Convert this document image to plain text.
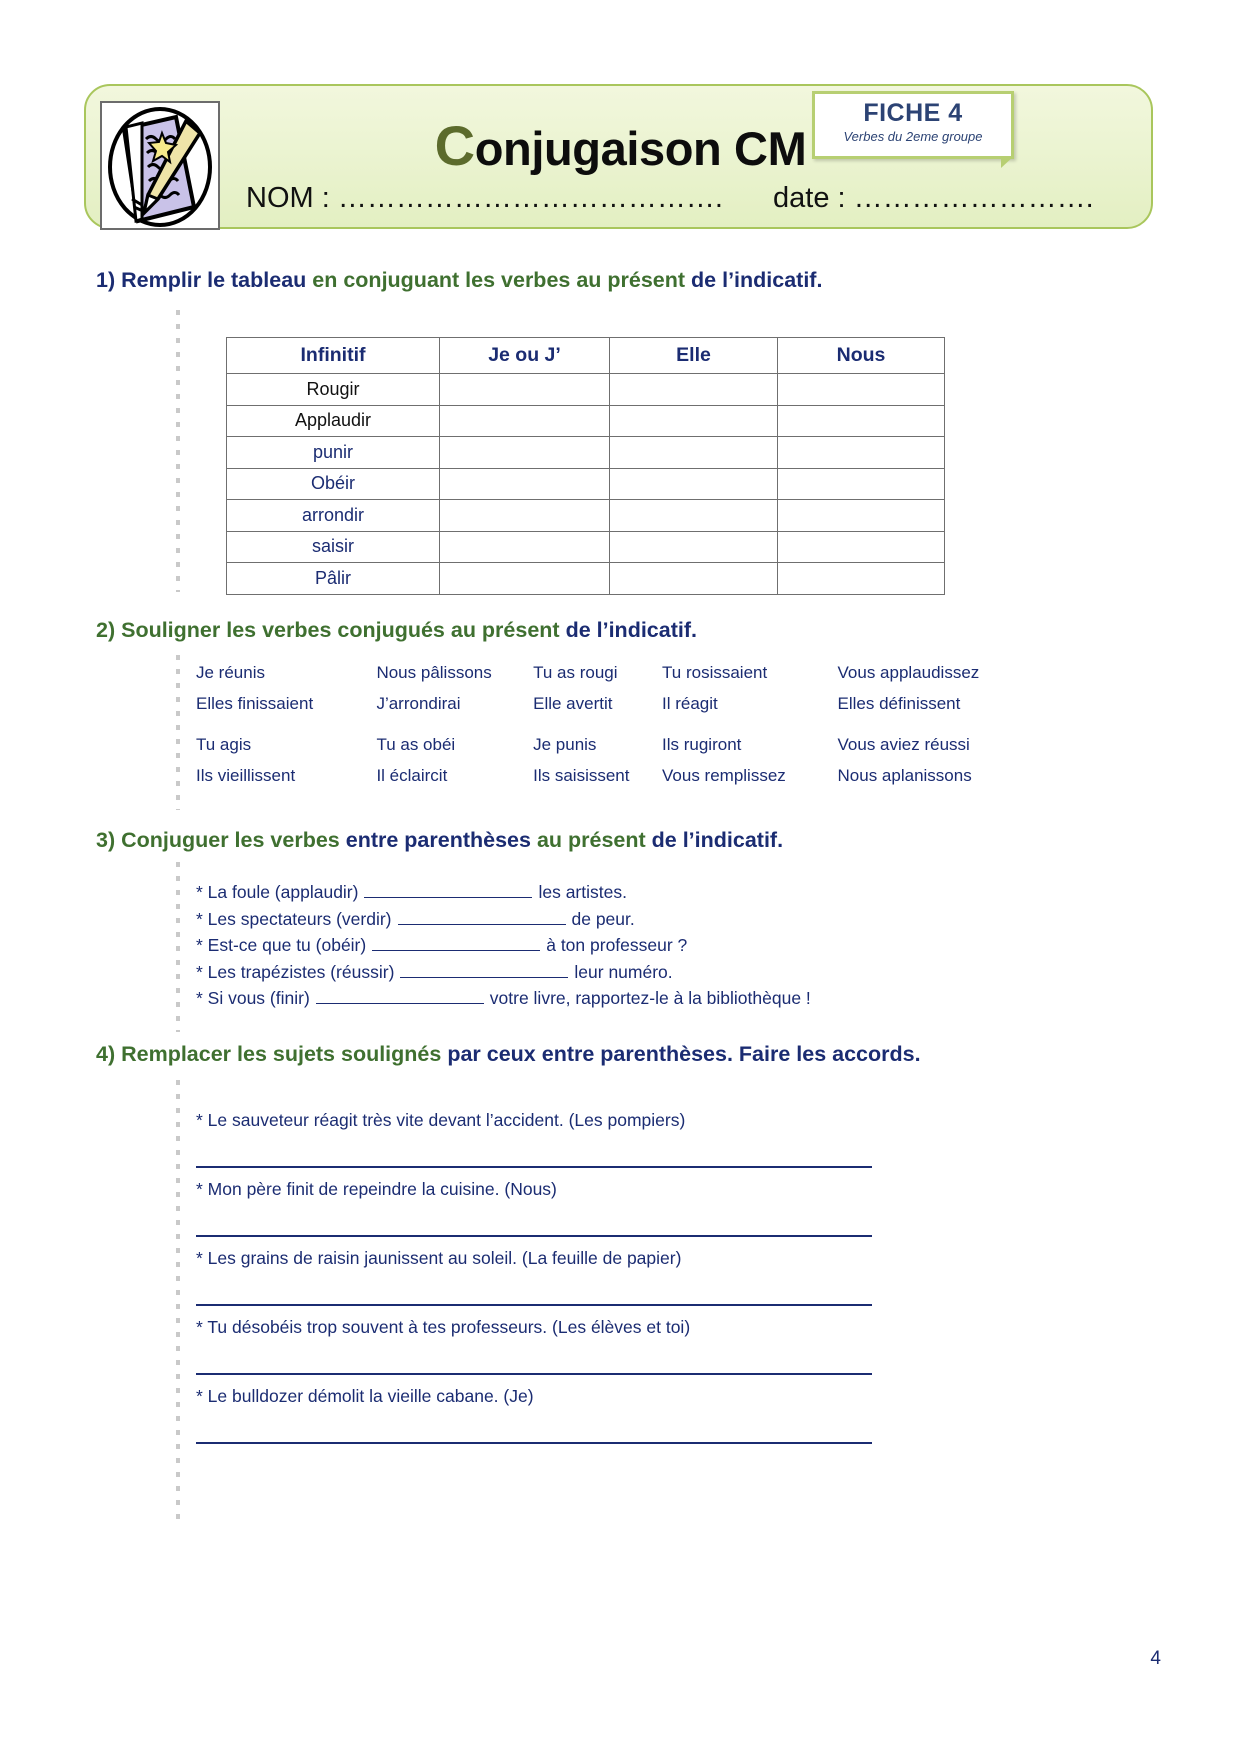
Conjugaison CM
NOM : …………………………………. date : …………………….
FICHE 4
Verbes du 2eme groupe
1) Remplir le tableau en conjuguant les verbes au présent de l’indicatif.
Infinitif	Je ou J’	Elle	Nous
Rougir			
Applaudir			
punir			
Obéir			
arrondir			
saisir			
Pâlir			
2) Souligner les verbes conjugués au présent de l’indicatif.
Je réunis	Nous pâlissons	Tu as rougi	Tu rosissaient	Vous applaudissez
Elles finissaient	J’arrondirai	Elle avertit	Il réagit	Elles définissent
Tu agis	Tu as obéi	Je punis	Ils rugiront	Vous aviez réussi
Ils vieillissent	Il éclaircit	Ils saisissent	Vous remplissez	Nous aplanissons
3) Conjuguer les verbes entre parenthèses au présent de l’indicatif.
* La foule (applaudir)	les artistes.
* Les spectateurs (verdir)	de peur.
* Est-ce que tu (obéir)	à ton professeur ?
* Les trapézistes (réussir)	leur numéro.
* Si vous (finir)	votre livre, rapportez-le à la bibliothèque !
4) Remplacer les sujets soulignés par ceux entre parenthèses. Faire les accords.
* Le sauveteur réagit très vite devant l’accident. (Les pompiers)
* Mon père finit de repeindre la cuisine. (Nous)
* Les grains de raisin jaunissent au soleil. (La feuille de papier)
* Tu désobéis trop souvent à tes professeurs. (Les élèves et toi)
* Le bulldozer démolit la vieille cabane. (Je)
4
